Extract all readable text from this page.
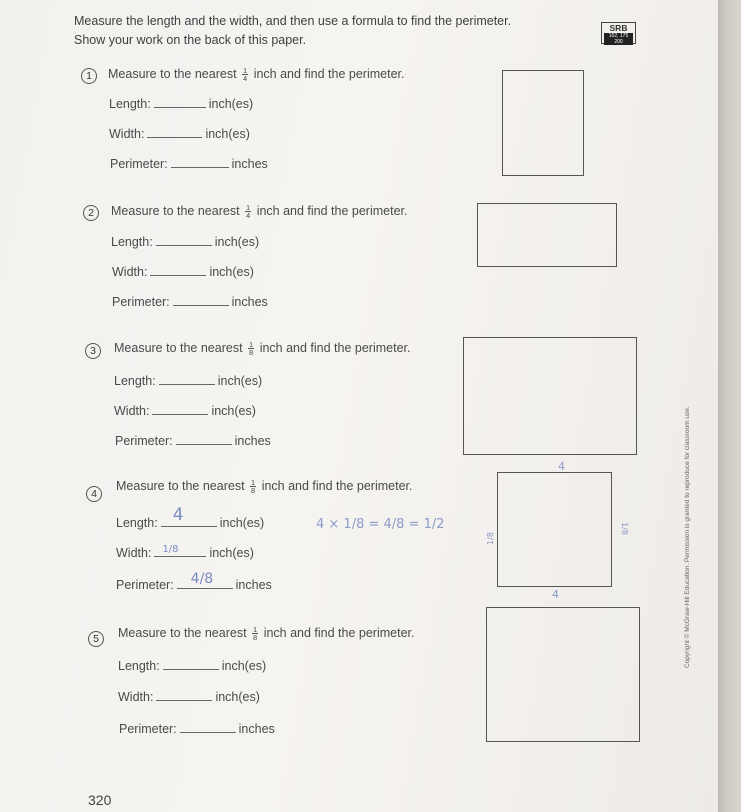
Measure the length and the width, and then use a formula to find the perimeter.
Show your work on the back of this paper.
SRB
162, 175
200
1	Measure to the nearest $\frac{1}{4}$ inch and find the perimeter.
Length:	inch(es)
Width:	inch(es)
Perimeter:	inches
2	Measure to the nearest $\frac{1}{4}$ inch and find the perimeter.
Length:	inch(es)
Width:	inch(es)
Perimeter:	inches
3	Measure to the nearest $\frac{1}{8}$ inch and find the perimeter.
Length:	inch(es)
Width:	inch(es)
Perimeter:	inches
4
Measure to the nearest $\frac{1}{8}$ inch and find the perimeter.
Length: 4	inch(es)
Width: 1/8 inch(es)
Perimeter: 4/8 inches
4 × 1/8 = 4/8 = 1/2
4
4
1/8
1/8
5	Measure to the nearest $\frac{1}{8}$ inch and find the perimeter.
Length:	inch(es)
Width:	inch(es)
Perimeter:	inches
Copyright © McGraw-Hill Education. Permission is granted to reproduce for classroom use.
320
